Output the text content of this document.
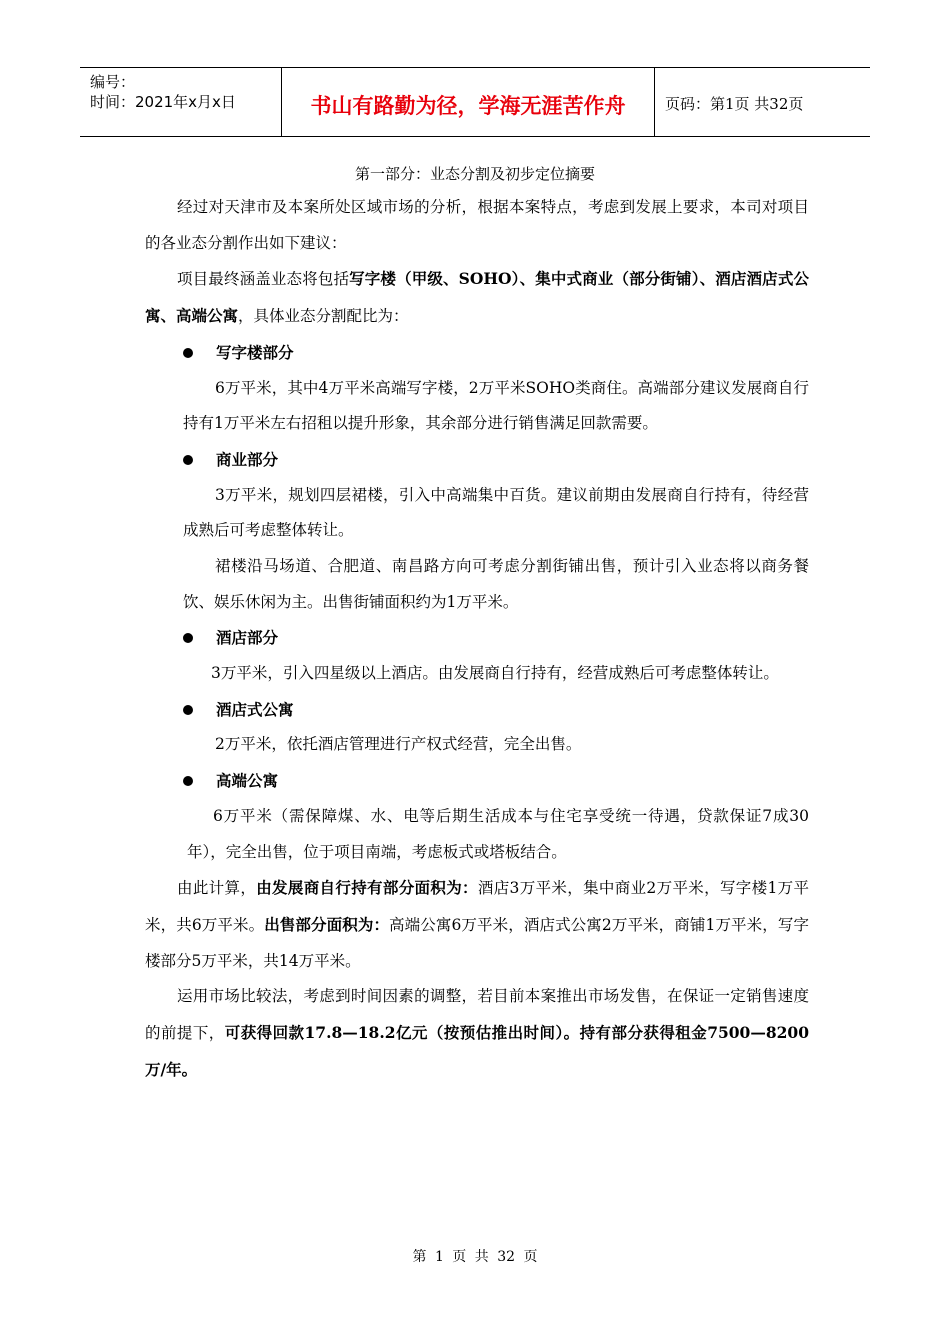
编号：
时间：2021年x月x日	书山有路勤为径，学海无涯苦作舟	页码：第1页 共32页
第一部分：业态分割及初步定位摘要

经过对天津市及本案所处区域市场的分析，根据本案特点，考虑到发展上要求，本司对项目的各业态分割作出如下建议：

项目最终涵盖业态将包括写字楼（甲级、SOHO）、集中式商业（部分街铺）、酒店酒店式公寓、高端公寓，具体业态分割配比为：

写字楼部分

6万平米，其中4万平米高端写字楼，2万平米SOHO类商住。高端部分建议发展商自行持有1万平米左右招租以提升形象，其余部分进行销售满足回款需要。

商业部分

3万平米，规划四层裙楼，引入中高端集中百货。建议前期由发展商自行持有，待经营成熟后可考虑整体转让。

裙楼沿马场道、合肥道、南昌路方向可考虑分割街铺出售，预计引入业态将以商务餐饮、娱乐休闲为主。出售街铺面积约为1万平米。

酒店部分

3万平米，引入四星级以上酒店。由发展商自行持有，经营成熟后可考虑整体转让。

酒店式公寓

2万平米，依托酒店管理进行产权式经营，完全出售。

高端公寓

6万平米（需保障煤、水、电等后期生活成本与住宅享受统一待遇，贷款保证7成30年），完全出售，位于项目南端，考虑板式或塔板结合。

由此计算，由发展商自行持有部分面积为：酒店3万平米，集中商业2万平米，写字楼1万平米，共6万平米。出售部分面积为：高端公寓6万平米，酒店式公寓2万平米，商铺1万平米，写字楼部分5万平米，共14万平米。

运用市场比较法，考虑到时间因素的调整，若目前本案推出市场发售，在保证一定销售速度的前提下，可获得回款17.8—18.2亿元（按预估推出时间）。持有部分获得租金7500—8200万/年。

第 1 页 共 32 页
